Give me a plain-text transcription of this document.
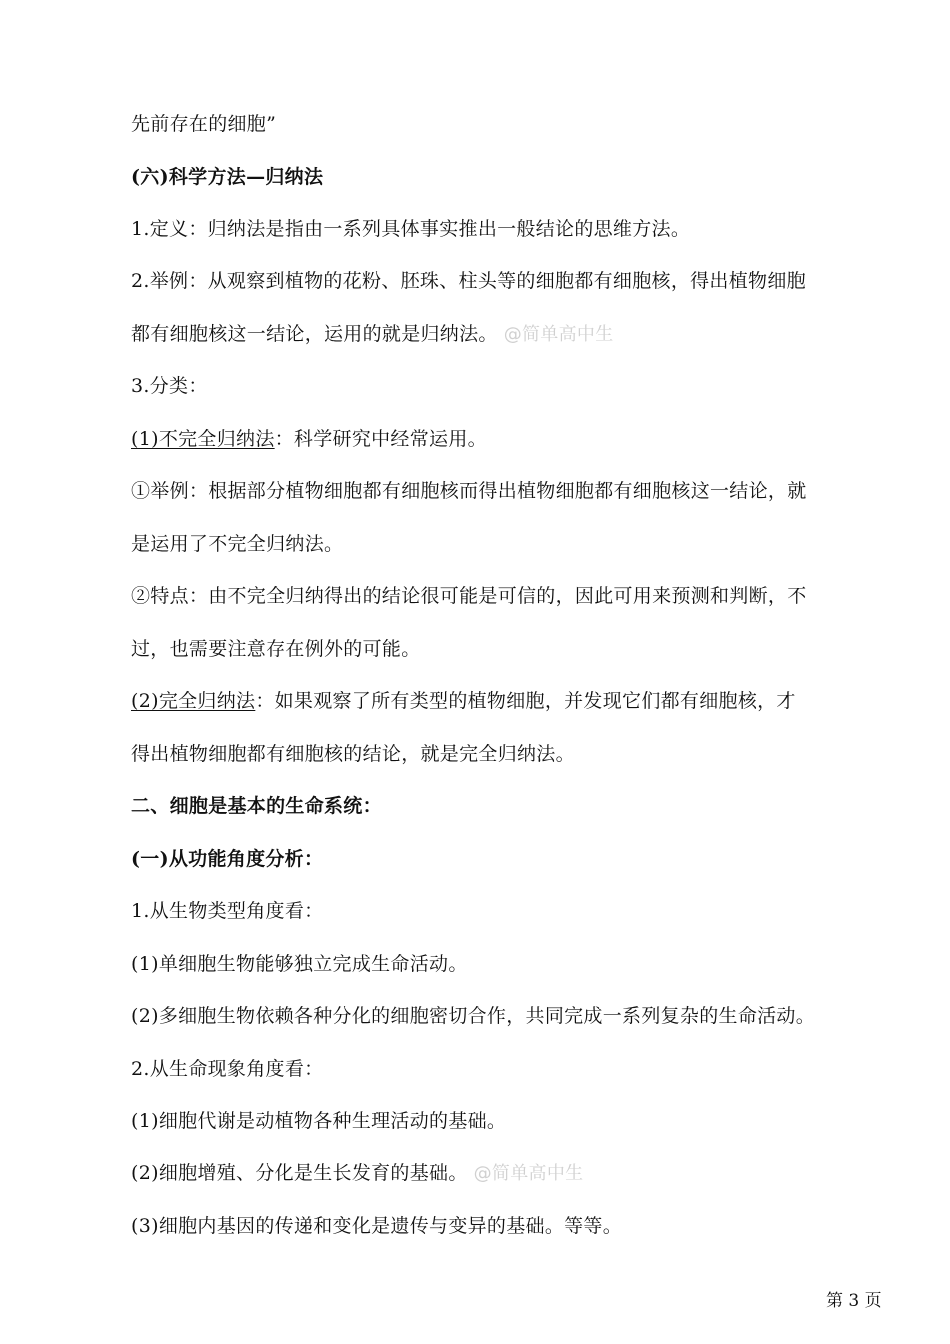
先前存在的细胞”
(六)科学方法—归纳法
1.定义：归纳法是指由一系列具体事实推出一般结论的思维方法。
2.举例：从观察到植物的花粉、胚珠、柱头等的细胞都有细胞核，得出植物细胞
都有细胞核这一结论，运用的就是归纳法。 @简单高中生
3.分类：
(1)不完全归纳法：科学研究中经常运用。
①举例：根据部分植物细胞都有细胞核而得出植物细胞都有细胞核这一结论，就
是运用了不完全归纳法。
②特点：由不完全归纳得出的结论很可能是可信的，因此可用来预测和判断，不
过，也需要注意存在例外的可能。
(2)完全归纳法：如果观察了所有类型的植物细胞，并发现它们都有细胞核，才
得出植物细胞都有细胞核的结论，就是完全归纳法。
二、细胞是基本的生命系统：
(一)从功能角度分析：
1.从生物类型角度看：
(1)单细胞生物能够独立完成生命活动。
(2)多细胞生物依赖各种分化的细胞密切合作，共同完成一系列复杂的生命活动。
2.从生命现象角度看：
(1)细胞代谢是动植物各种生理活动的基础。
(2)细胞增殖、分化是生长发育的基础。 @简单高中生
(3)细胞内基因的传递和变化是遗传与变异的基础。等等。
第 3 页
